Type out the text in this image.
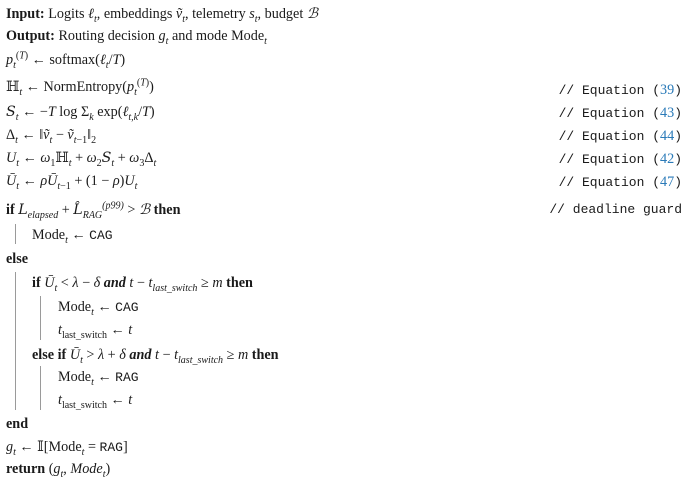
Input: Logits ℓ$_t$, embeddings ṽ$_t$, telemetry $s_t$, budget ℬ
Output: Routing decision $g_t$ and mode Mode$_t$
$p_t^{(T)}$ ← softmax(ℓ$_t$/T)
ℍ$_t$ ← $NormEntropy(p_t^{(T)})$	// Equation (39)
$S_t$ ← −T $\log \Sigma_k$ exp(ℓ$_{t,k}$/T)	// Equation (43)
$\Delta_t$ ← ‖ṽ$_t$ − $ṽ_{t-1}‖_2$	// Equation (44)
$U_t$ ← $\omega_1ℍ_t + \omega_2S_t + \omega_3\Delta_t$	// Equation (42)
$Ū_t$ ← $\rho Ū_{t-1} + (1 - \rho)U_t$	// Equation (47)
if $L_{elapsed}$ + $L̂_{RAG}^{(p99)}$ > ℬ then	// deadline guard
Mode$_t$ ← CAG
else
if $Ū_t < \lambda - \delta$ and $t - t_{last\_switch} \ge m$ then
Mode$_t$ ← CAG
$t_{last\_switch}$ ← t
else if $Ū_t > \lambda + \delta$ and $t - t_{last\_switch} \ge m$ then
Mode$_t$ ← RAG
$t_{last\_switch}$ ← t
end
$g_t$ ← 𝕀[Mode$_t$ = RAG]
return ($g_t$, Mode$_t$)
